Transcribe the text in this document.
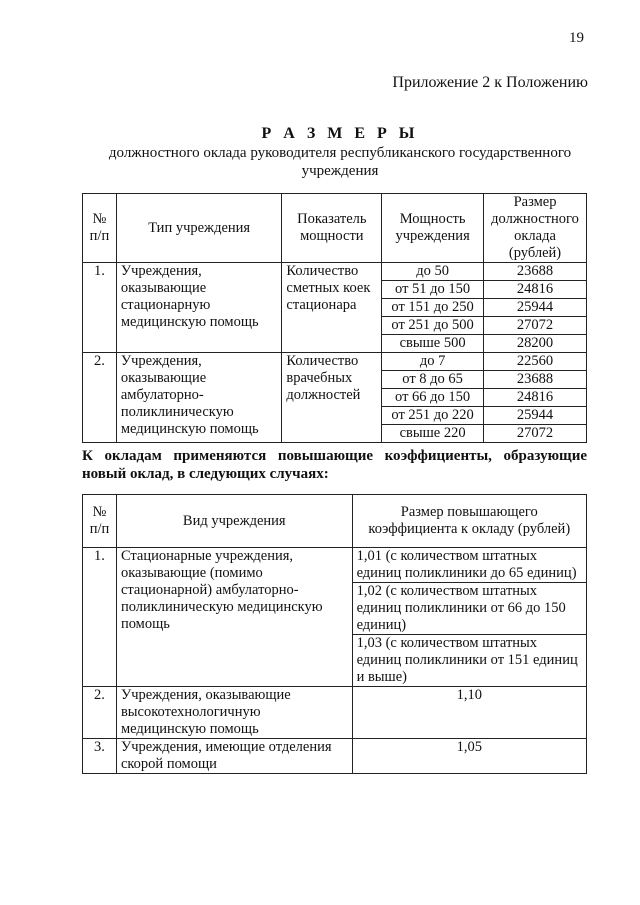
19
Приложение 2 к Положению

Р А З М Е Р Ы

должностного оклада руководителя республиканского государственного

учреждения

№ п/п	Тип учреждения	Показатель мощности	Мощность учреждения	Размер должностного оклада (рублей)
1.	Учреждения, оказывающие стационарную медицинскую помощь	Количество сметных коек стационара	до 50	23688
			от 51 до 150	24816
			от 151 до 250	25944
			от 251 до 500	27072
			свыше 500	28200
2.	Учреждения, оказывающие амбулаторно-поликлиническую медицинскую помощь	Количество врачебных должностей	до 7	22560
			от 8 до 65	23688
			от 66 до 150	24816
			от 251 до 220	25944
			свыше 220	27072

К окладам применяются повышающие коэффициенты, образующие новый оклад, в следующих случаях:

№ п/п	Вид учреждения	Размер повышающего коэффициента к окладу (рублей)
1.	Стационарные учреждения, оказывающие (помимо стационарной) амбулаторно-поликлиническую медицинскую помощь	1,01 (с количеством штатных единиц поликлиники до 65 единиц)
		1,02 (с количеством штатных единиц поликлиники от 66 до 150 единиц)
		1,03 (с количеством штатных единиц поликлиники от 151 единиц и выше)
2.	Учреждения, оказывающие высокотехнологичную медицинскую помощь	1,10
3.	Учреждения, имеющие отделения скорой помощи	1,05
